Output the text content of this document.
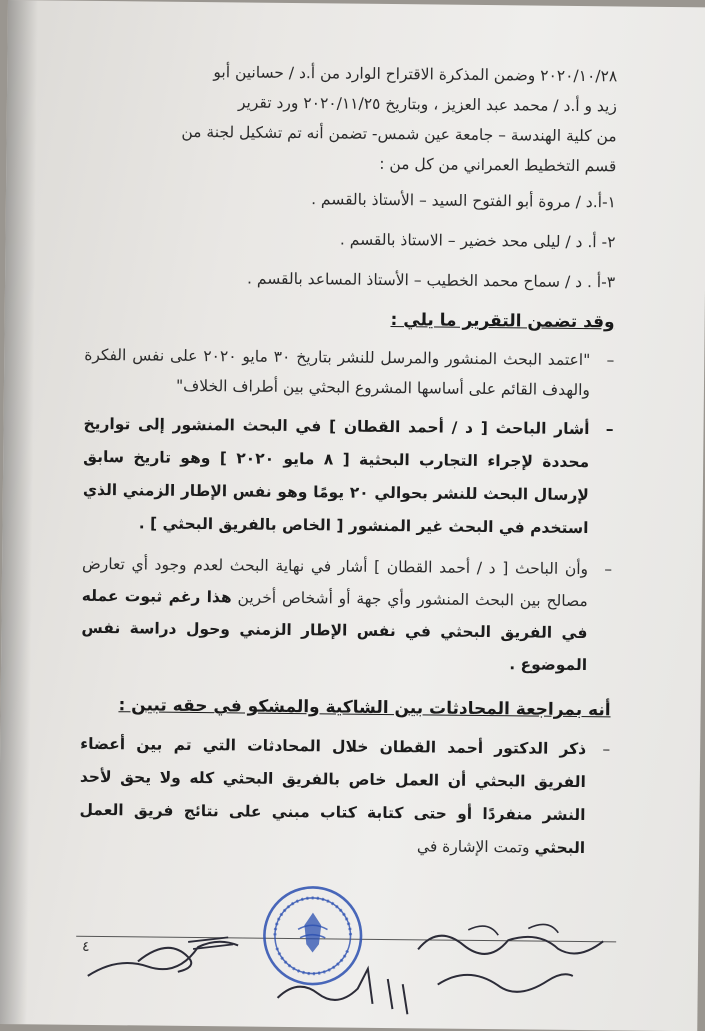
٢٠٢٠/١٠/٢٨ وضمن المذكرة الاقتراح الوارد من أ.د / حسانين أبو

زيد و أ.د / محمد عبد العزيز ، وبتاريخ ٢٠٢٠/١١/٢٥ ورد تقرير

من كلية الهندسة – جامعة عين شمس- تضمن أنه تم تشكيل لجنة من

قسم التخطيط العمراني من كل من :

١-أ.د / مروة أبو الفتوح السيد – الأستاذ بالقسم .

٢- أ. د / ليلى محد خضير – الاستاذ بالقسم .

٣-أ . د / سماح محمد الخطيب – الأستاذ المساعد بالقسم .

وقد تضمن التقرير ما يلي :

– "اعتمد البحث المنشور والمرسل للنشر بتاريخ ٣٠ مايو ٢٠٢٠ على نفس الفكرة والهدف القائم على أساسها المشروع البحثي بين أطراف الخلاف"

– أشار الباحث [ د / أحمد القطان ] في البحث المنشور إلى تواريخ محددة لإجراء التجارب البحثية [ ٨ مايو ٢٠٢٠ ] وهو تاريخ سابق لإرسال البحث للنشر بحوالي ٢٠ يومًا وهو نفس الإطار الزمني الذي استخدم في البحث غير المنشور [ الخاص بالفريق البحثي ] .

– وأن الباحث [ د / أحمد القطان ] أشار في نهاية البحث لعدم وجود أي تعارض مصالح بين البحث المنشور وأي جهة أو أشخاص أخرين هذا رغم ثبوت عمله في الفريق البحثي في نفس الإطار الزمني وحول دراسة نفس الموضوع .

أنه بمراجعة المحادثات بين الشاكية والمشكو في حقه تبين :

– ذكر الدكتور أحمد القطان خلال المحادثات التي تم بين أعضاء الفريق البحثي أن العمل خاص بالفريق البحثي كله ولا يحق لأحد النشر منفردًا أو حتى كتابة كتاب مبني على نتائج فريق العمل البحثي وتمت الإشارة في

٤
